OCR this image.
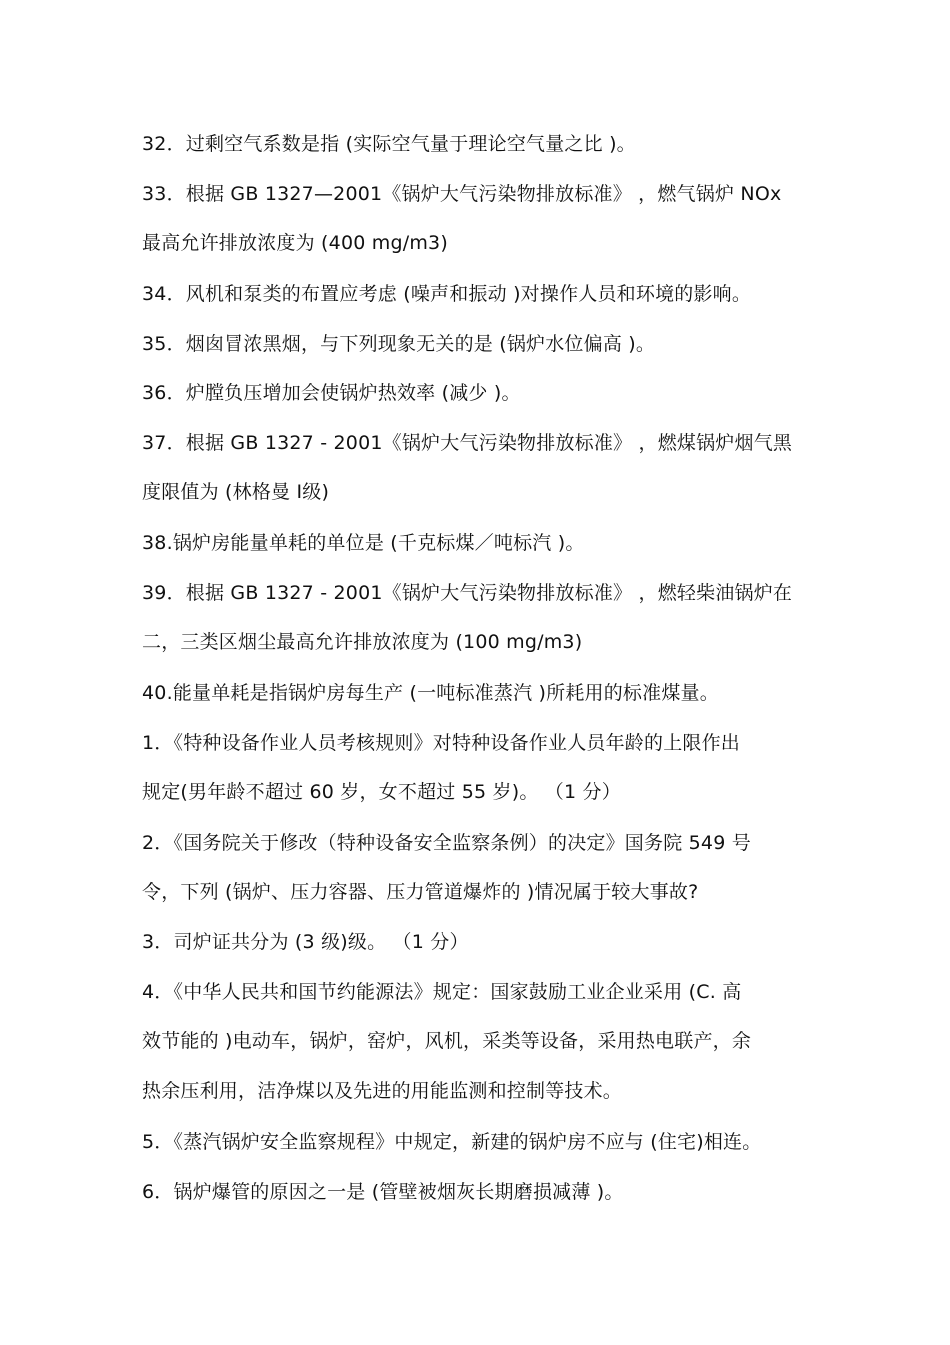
32．过剩空气系数是指 (实际空气量于理论空气量之比 )。
33．根据 GB 1327—2001《锅炉大气污染物排放标准》 ，燃气锅炉 NOx
最高允许排放浓度为 (400 mg/m3)
34．风机和泵类的布置应考虑 (噪声和振动 )对操作人员和环境的影响。
35．烟囱冒浓黑烟，与下列现象无关的是 (锅炉水位偏高 )。
36．炉膛负压增加会使锅炉热效率 (减少 )。
37．根据 GB 1327 - 2001《锅炉大气污染物排放标准》 ，燃煤锅炉烟气黑
度限值为 (林格曼 Ⅰ级)
38.锅炉房能量单耗的单位是 (千克标煤／吨标汽 )。
39．根据 GB 1327 - 2001《锅炉大气污染物排放标准》 ，燃轻柴油锅炉在
二，三类区烟尘最高允许排放浓度为 (100 mg/m3)
40.能量单耗是指锅炉房每生产 (一吨标准蒸汽 )所耗用的标准煤量。
1．《特种设备作业人员考核规则》对特种设备作业人员年龄的上限作出
规定(男年龄不超过 60 岁，女不超过 55 岁)。 （1 分）
2．《国务院关于修改（特种设备安全监察条例）的决定》国务院 549 号
令，下列 (锅炉、压力容器、压力管道爆炸的 )情况属于较大事故?
3．司炉证共分为 (3 级)级。 （1 分）
4．《中华人民共和国节约能源法》规定：国家鼓励工业企业采用 (C. 高
效节能的 )电动车，锅炉，窑炉，风机，采类等设备，采用热电联产，余
热余压利用，洁净煤以及先进的用能监测和控制等技术。
5．《蒸汽锅炉安全监察规程》中规定，新建的锅炉房不应与 (住宅)相连。
6．锅炉爆管的原因之一是 (管壁被烟灰长期磨损减薄 )。
